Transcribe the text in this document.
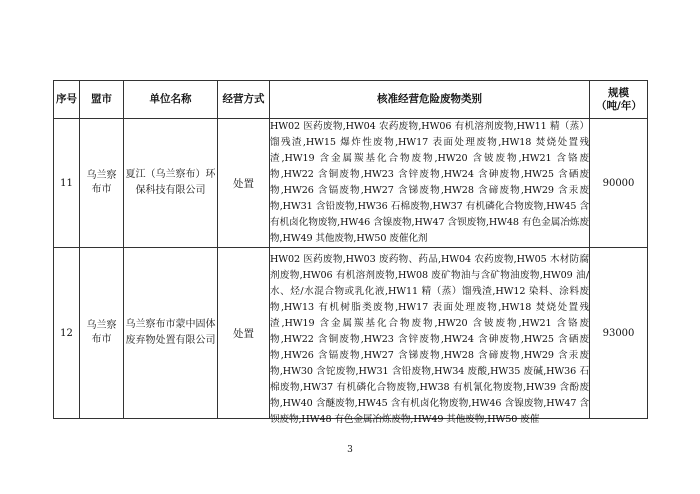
序号	盟市	单位名称	经营方式	核准经营危险废物类别	规模（吨/年）
11	乌兰察布市	夏江（乌兰察布）环保科技有限公司	处置	HW02 医药废物,HW04 农药废物,HW06 有机溶剂废物,HW11 精（蒸）馏残渣,HW15 爆炸性废物,HW17 表面处理废物,HW18 焚烧处置残渣,HW19 含金属羰基化合物废物,HW20 含铍废物,HW21 含铬废物,HW22 含铜废物,HW23 含锌废物,HW24 含砷废物,HW25 含硒废物,HW26 含镉废物,HW27 含锑废物,HW28 含碲废物,HW29 含汞废物,HW31 含铅废物,HW36 石棉废物,HW37 有机磷化合物废物,HW45 含有机卤化物废物,HW46 含镍废物,HW47 含钡废物,HW48 有色金属冶炼废物,HW49 其他废物,HW50 废催化剂	90000
12	乌兰察布市	乌兰察布市蒙中固体废弃物处置有限公司	处置	HW02 医药废物,HW03 废药物、药品,HW04 农药废物,HW05 木材防腐剂废物,HW06 有机溶剂废物,HW08 废矿物油与含矿物油废物,HW09 油/水、烃/水混合物或乳化液,HW11 精（蒸）馏残渣,HW12 染料、涂料废物,HW13 有机树脂类废物,HW17 表面处理废物,HW18 焚烧处置残渣,HW19 含金属羰基化合物废物,HW20 含铍废物,HW21 含铬废物,HW22 含铜废物,HW23 含锌废物,HW24 含砷废物,HW25 含硒废物,HW26 含镉废物,HW27 含锑废物,HW28 含碲废物,HW29 含汞废物,HW30 含铊废物,HW31 含铅废物,HW34 废酸,HW35 废碱,HW36 石棉废物,HW37 有机磷化合物废物,HW38 有机氰化物废物,HW39 含酚废物,HW40 含醚废物,HW45 含有机卤化物废物,HW46 含镍废物,HW47 含钡废物,HW48 有色金属冶炼废物,HW49 其他废物,HW50 废催	93000
3
